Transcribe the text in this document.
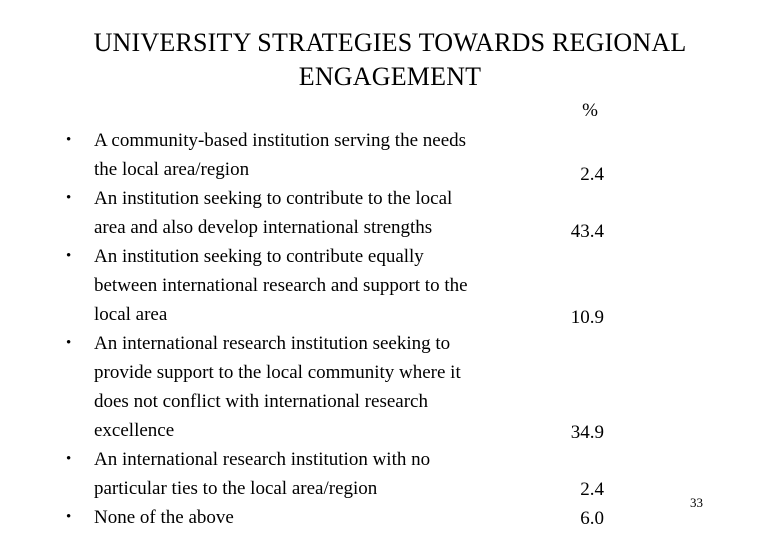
UNIVERSITY STRATEGIES TOWARDS REGIONAL
ENGAGEMENT
%
• A community-based institution serving the needs the local area/region
• An institution seeking to contribute to the local area and also develop international strengths
• An institution seeking to contribute equally between international research and support to the local area
• An international research institution seeking to provide support to the local community where it does not conflict with international research excellence
• An international research institution with no particular ties to the local area/region
• None of the above
2.4
43.4
10.9
34.9
2.4
6.0
33
